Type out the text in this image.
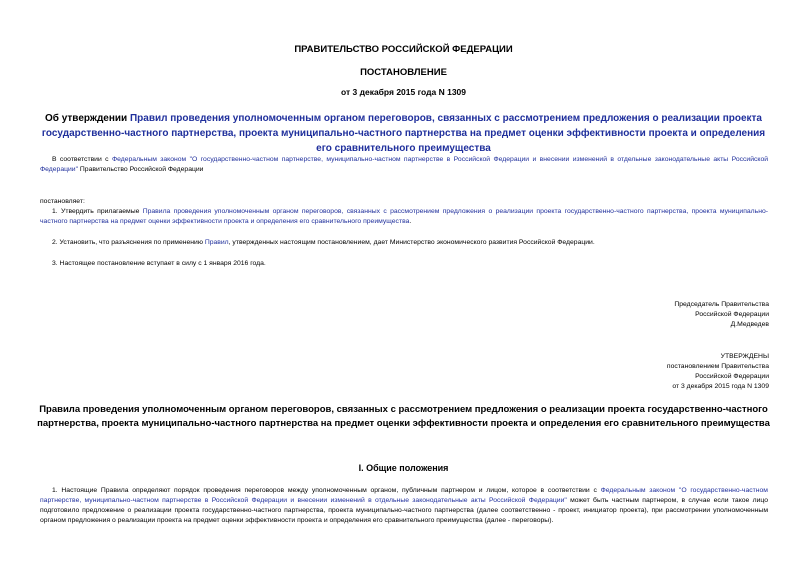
ПРАВИТЕЛЬСТВО РОССИЙСКОЙ ФЕДЕРАЦИИ
ПОСТАНОВЛЕНИЕ
от 3 декабря 2015 года N 1309
Об утверждении Правил проведения уполномоченным органом переговоров, связанных с рассмотрением предложения о реализации проекта государственно-частного партнерства, проекта муниципально-частного партнерства на предмет оценки эффективности проекта и определения его сравнительного преимущества
В соответствии с Федеральным законом "О государственно-частном партнерстве, муниципально-частном партнерстве в Российской Федерации и внесении изменений в отдельные законодательные акты Российской Федерации" Правительство Российской Федерации
постановляет:
1. Утвердить прилагаемые Правила проведения уполномоченным органом переговоров, связанных с рассмотрением предложения о реализации проекта государственно-частного партнерства, проекта муниципально-частного партнерства на предмет оценки эффективности проекта и определения его сравнительного преимущества.
2. Установить, что разъяснения по применению Правил, утвержденных настоящим постановлением, дает Министерство экономического развития Российской Федерации.
3. Настоящее постановление вступает в силу с 1 января 2016 года.
Председатель Правительства
Российской Федерации
Д.Медведев
УТВЕРЖДЕНЫ
постановлением Правительства
Российской Федерации
от 3 декабря 2015 года N 1309
Правила проведения уполномоченным органом переговоров, связанных с рассмотрением предложения о реализации проекта государственно-частного партнерства, проекта муниципально-частного партнерства на предмет оценки эффективности проекта и определения его сравнительного преимущества
I. Общие положения
1. Настоящие Правила определяют порядок проведения переговоров между уполномоченным органом, публичным партнером и лицом, которое в соответствии с Федеральным законом "О государственно-частном партнерстве, муниципально-частном партнерстве в Российской Федерации и внесении изменений в отдельные законодательные акты Российской Федерации" может быть частным партнером, в случае если такое лицо подготовило предложение о реализации проекта государственно-частного партнерства, проекта муниципально-частного партнерства (далее соответственно - проект, инициатор проекта), при рассмотрении уполномоченным органом предложения о реализации проекта на предмет оценки эффективности проекта и определения его сравнительного преимущества (далее - переговоры).
